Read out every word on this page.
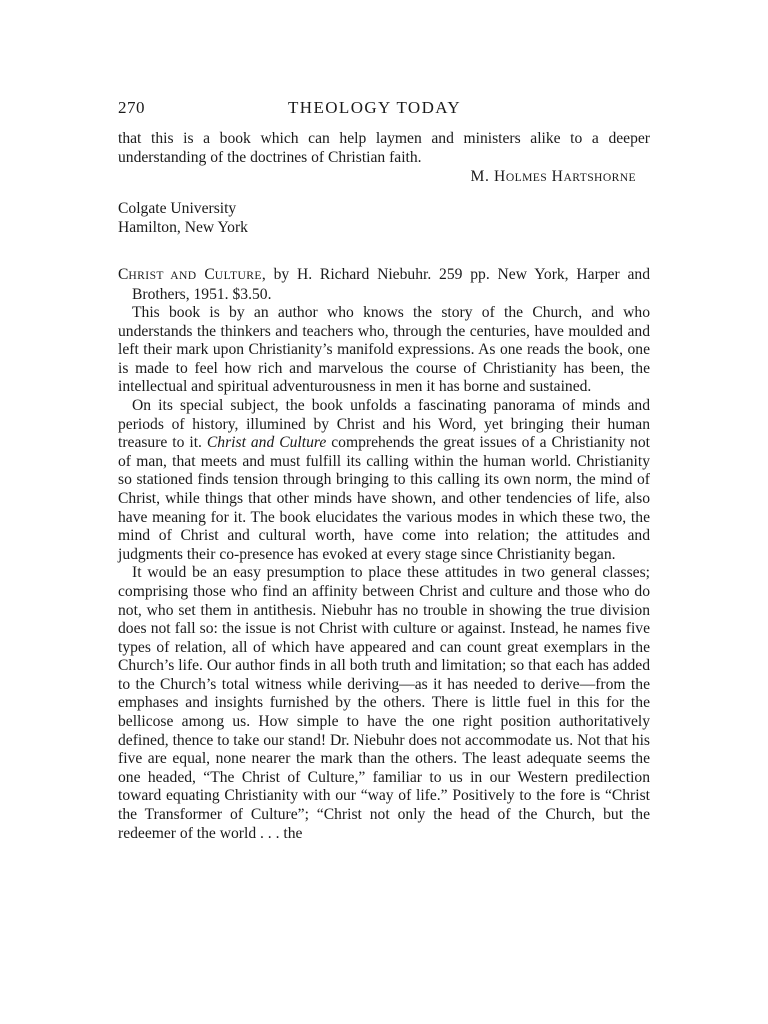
270	THEOLOGY TODAY

that this is a book which can help laymen and ministers alike to a deeper understanding of the doctrines of Christian faith.

M. HOLMES HARTSHORNE

Colgate University
Hamilton, New York

CHRIST AND CULTURE, by H. Richard Niebuhr. 259 pp. New York, Harper and Brothers, 1951. $3.50.

This book is by an author who knows the story of the Church, and who understands the thinkers and teachers who, through the centuries, have moulded and left their mark upon Christianity’s manifold expressions. As one reads the book, one is made to feel how rich and marvelous the course of Christianity has been, the intellectual and spiritual adventurousness in men it has borne and sustained.

On its special subject, the book unfolds a fascinating panorama of minds and periods of history, illumined by Christ and his Word, yet bringing their human treasure to it. Christ and Culture comprehends the great issues of a Christianity not of man, that meets and must fulfill its calling within the human world. Christianity so stationed finds tension through bringing to this calling its own norm, the mind of Christ, while things that other minds have shown, and other tendencies of life, also have meaning for it. The book elucidates the various modes in which these two, the mind of Christ and cultural worth, have come into relation; the attitudes and judgments their co-presence has evoked at every stage since Christianity began.

It would be an easy presumption to place these attitudes in two general classes; comprising those who find an affinity between Christ and culture and those who do not, who set them in antithesis. Niebuhr has no trouble in showing the true division does not fall so: the issue is not Christ with culture or against. Instead, he names five types of relation, all of which have appeared and can count great exemplars in the Church’s life. Our author finds in all both truth and limitation; so that each has added to the Church’s total witness while deriving—as it has needed to derive—from the emphases and insights furnished by the others. There is little fuel in this for the bellicose among us. How simple to have the one right position authoritatively defined, thence to take our stand! Dr. Niebuhr does not accommodate us. Not that his five are equal, none nearer the mark than the others. The least adequate seems the one headed, “The Christ of Culture,” familiar to us in our Western predilection toward equating Christianity with our “way of life.” Positively to the fore is “Christ the Transformer of Culture”; “Christ not only the head of the Church, but the redeemer of the world . . . the
